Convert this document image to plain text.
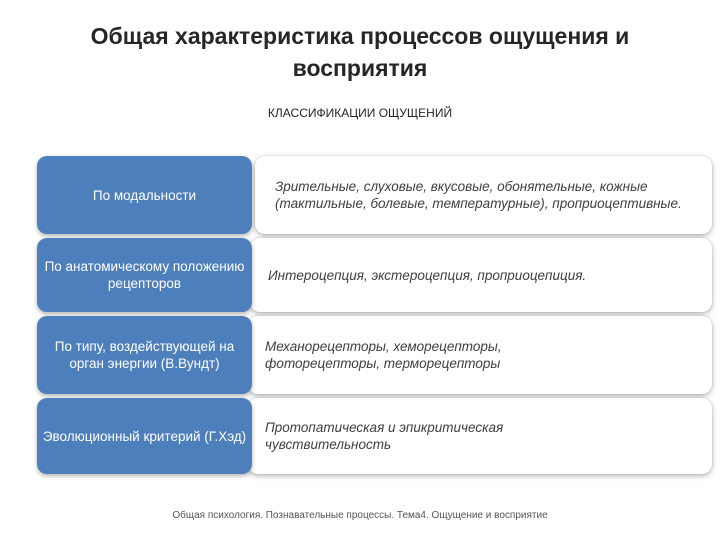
Общая характеристика процессов ощущения и восприятия
КЛАССИФИКАЦИИ ОЩУЩЕНИЙ
Зрительные, слуховые, вкусовые, обонятельные, кожные (тактильные, болевые, температурные), проприоцептивные.
По модальности
Интероцепция, экстероцепция, проприоцепиция.
По анатомическому положению рецепторов
Механорецепторы, хеморецепторы, фоторецепторы, терморецепторы
По типу, воздействующей на орган энергии (В.Вундт)
Протопатическая и эпикритическая чувствительность
Эволюционный критерий (Г.Хэд)
Общая психология. Познавательные процессы. Тема4. Ощущение и восприятие
